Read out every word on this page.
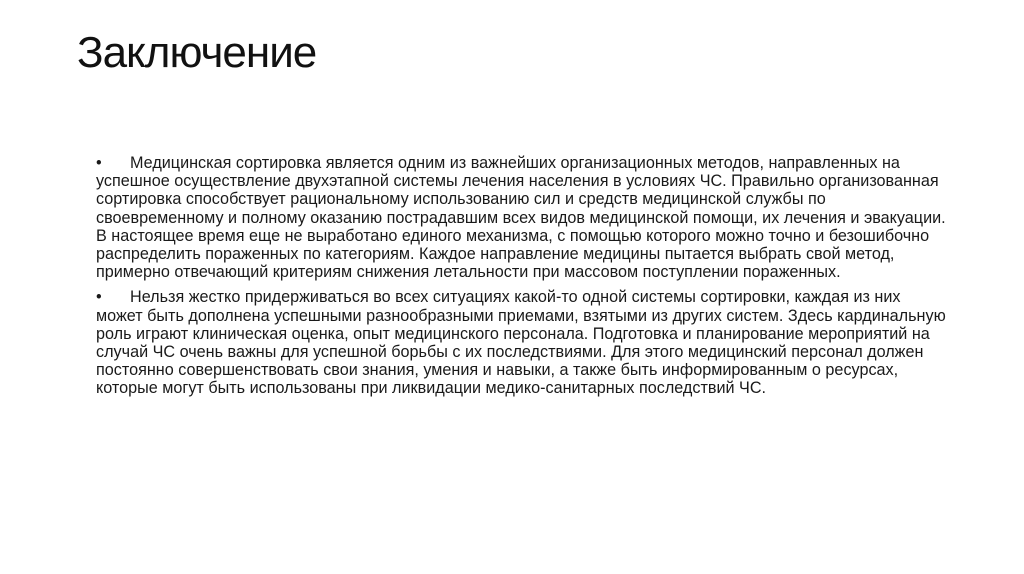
Заключение

• Медицинская сортировка является одним из важнейших организационных методов, направленных на успешное осуществление двухэтапной системы лечения населения в условиях ЧС. Правильно организованная сортировка способствует рациональному использованию сил и средств медицинской службы по своевременному и полному оказанию пострадавшим всех видов медицинской помощи, их лечения и эвакуации. В настоящее время еще не выработано единого механизма, с помощью которого можно точно и безошибочно распределить пораженных по категориям. Каждое направление медицины пытается выбрать свой метод, примерно отвечающий критериям снижения летальности при массовом поступлении пораженных.

• Нельзя жестко придерживаться во всех ситуациях какой-то одной системы сортировки, каждая из них может быть дополнена успешными разнообразными приемами, взятыми из других систем. Здесь кардинальную роль играют клиническая оценка, опыт медицинского персонала. Подготовка и планирование мероприятий на случай ЧС очень важны для успешной борьбы с их последствиями. Для этого медицинский персонал должен постоянно совершенствовать свои знания, умения и навыки, а также быть информированным о ресурсах, которые могут быть использованы при ликвидации медико-санитарных последствий ЧС.
